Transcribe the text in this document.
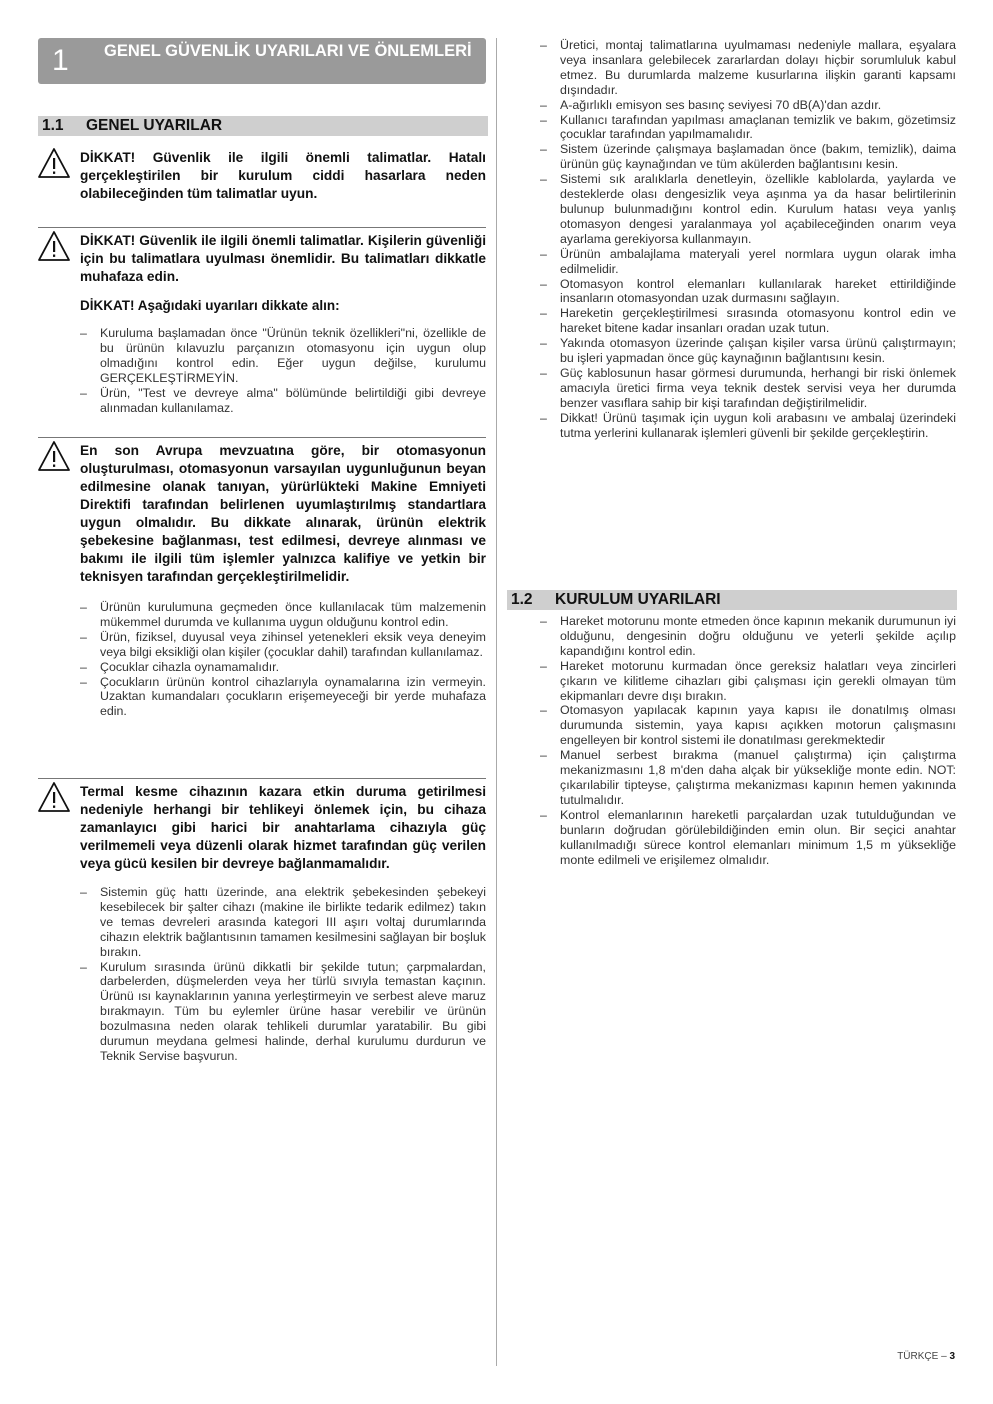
1 GENEL GÜVENLİK UYARILARI VE ÖNLEMLERİ
1.1 GENEL UYARILAR
DİKKAT! Güvenlik ile ilgili önemli talimatlar. Hatalı gerçekleştirilen bir kurulum ciddi hasarlara neden olabileceğinden tüm talimatlar uyun.
DİKKAT! Güvenlik ile ilgili önemli talimatlar. Kişilerin güvenliği için bu talimatlara uyulması önemlidir. Bu talimatları dikkatle muhafaza edin.
DİKKAT! Aşağıdaki uyarıları dikkate alın:
– Kuruluma başlamadan önce "Ürünün teknik özellikleri"ni, özellikle de bu ürünün kılavuzlu parçanızın otomasyonu için uygun olup olmadığını kontrol edin. Eğer uygun değilse, kurulumu GERÇEKLEŞTİRMEYİN.
– Ürün, "Test ve devreye alma" bölümünde belirtildiği gibi devreye alınmadan kullanılamaz.
En son Avrupa mevzuatına göre, bir otomasyonun oluşturulması, otomasyonun varsayılan uygunluğunun beyan edilmesine olanak tanıyan, yürürlükteki Makine Emniyeti Direktifi tarafından belirlenen uyumlaştırılmış standartlara uygun olmalıdır. Bu dikkate alınarak, ürünün elektrik şebekesine bağlanması, test edilmesi, devreye alınması ve bakımı ile ilgili tüm işlemler yalnızca kalifiye ve yetkin bir teknisyen tarafından gerçekleştirilmelidir.
– Ürünün kurulumuna geçmeden önce kullanılacak tüm malzemenin mükemmel durumda ve kullanıma uygun olduğunu kontrol edin.
– Ürün, fiziksel, duyusal veya zihinsel yetenekleri eksik veya deneyim veya bilgi eksikliği olan kişiler (çocuklar dahil) tarafından kullanılamaz.
– Çocuklar cihazla oynamamalıdır.
– Çocukların ürünün kontrol cihazlarıyla oynamalarına izin vermeyin. Uzaktan kumandaları çocukların erişemeyeceği bir yerde muhafaza edin.
Termal kesme cihazının kazara etkin duruma getirilmesi nedeniyle herhangi bir tehlikeyi önlemek için, bu cihaza zamanlayıcı gibi harici bir anahtarlama cihazıyla güç verilmemeli veya düzenli olarak hizmet tarafından güç verilen veya gücü kesilen bir devreye bağlanmamalıdır.
– Sistemin güç hattı üzerinde, ana elektrik şebekesinden şebekeyi kesebilecek bir şalter cihazı (makine ile birlikte tedarik edilmez) takın ve temas devreleri arasında kategori III aşırı voltaj durumlarında cihazın elektrik bağlantısının tamamen kesilmesini sağlayan bir boşluk bırakın.
– Kurulum sırasında ürünü dikkatli bir şekilde tutun; çarpmalardan, darbelerden, düşmelerden veya her türlü sıvıyla temastan kaçının. Ürünü ısı kaynaklarının yanına yerleştirmeyin ve serbest aleve maruz bırakmayın. Tüm bu eylemler ürüne hasar verebilir ve ürünün bozulmasına neden olarak tehlikeli durumlar yaratabilir. Bu gibi durumun meydana gelmesi halinde, derhal kurulumu durdurun ve Teknik Servise başvurun.
– Üretici, montaj talimatlarına uyulmaması nedeniyle mallara, eşyalara veya insanlara gelebilecek zararlardan dolayı hiçbir sorumluluk kabul etmez. Bu durumlarda malzeme kusurlarına ilişkin garanti kapsamı dışındadır.
– A-ağırlıklı emisyon ses basınç seviyesi 70 dB(A)'dan azdır.
– Kullanıcı tarafından yapılması amaçlanan temizlik ve bakım, gözetimsiz çocuklar tarafından yapılmamalıdır.
– Sistem üzerinde çalışmaya başlamadan önce (bakım, temizlik), daima ürünün güç kaynağından ve tüm akülerden bağlantısını kesin.
– Sistemi sık aralıklarla denetleyin, özellikle kablolarda, yaylarda ve desteklerde olası dengesizlik veya aşınma ya da hasar belirtilerinin bulunup bulunmadığını kontrol edin. Kurulum hatası veya yanlış otomasyon dengesi yaralanmaya yol açabileceğinden onarım veya ayarlama gerekiyorsa kullanmayın.
– Ürünün ambalajlama materyali yerel normlara uygun olarak imha edilmelidir.
– Otomasyon kontrol elemanları kullanılarak hareket ettirildiğinde insanların otomasyondan uzak durmasını sağlayın.
– Hareketin gerçekleştirilmesi sırasında otomasyonu kontrol edin ve hareket bitene kadar insanları oradan uzak tutun.
– Yakında otomasyon üzerinde çalışan kişiler varsa ürünü çalıştırmayın; bu işleri yapmadan önce güç kaynağının bağlantısını kesin.
– Güç kablosunun hasar görmesi durumunda, herhangi bir riski önlemek amacıyla üretici firma veya teknik destek servisi veya her durumda benzer vasıflara sahip bir kişi tarafından değiştirilmelidir.
– Dikkat! Ürünü taşımak için uygun koli arabasını ve ambalaj üzerindeki tutma yerlerini kullanarak işlemleri güvenli bir şekilde gerçekleştirin.
1.2 KURULUM UYARILARI
– Hareket motorunu monte etmeden önce kapının mekanik durumunun iyi olduğunu, dengesinin doğru olduğunu ve yeterli şekilde açılıp kapandığını kontrol edin.
– Hareket motorunu kurmadan önce gereksiz halatları veya zincirleri çıkarın ve kilitleme cihazları gibi çalışması için gerekli olmayan tüm ekipmanları devre dışı bırakın.
– Otomasyon yapılacak kapının yaya kapısı ile donatılmış olması durumunda sistemin, yaya kapısı açıkken motorun çalışmasını engelleyen bir kontrol sistemi ile donatılması gerekmektedir
– Manuel serbest bırakma (manuel çalıştırma) için çalıştırma mekanizmasını 1,8 m'den daha alçak bir yüksekliğe monte edin. NOT: çıkarılabilir tipteyse, çalıştırma mekanizması kapının hemen yakınında tutulmalıdır.
– Kontrol elemanlarının hareketli parçalardan uzak tutulduğundan ve bunların doğrudan görülebildiğinden emin olun. Bir seçici anahtar kullanılmadığı sürece kontrol elemanları minimum 1,5 m yüksekliğe monte edilmeli ve erişilemez olmalıdır.
TÜRKÇE – 3
